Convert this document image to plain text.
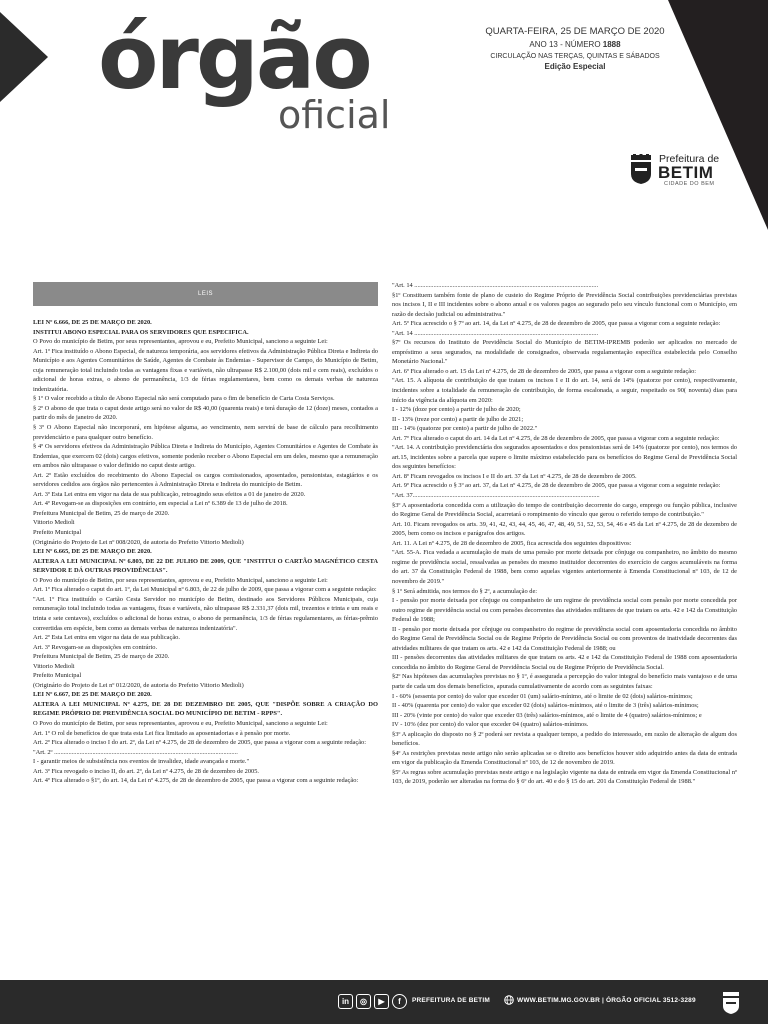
órgão
oficial
QUARTA-FEIRA, 25 DE MARÇO DE 2020
ANO 13 - NÚMERO 1888
CIRCULAÇÃO NAS TERÇAS, QUINTAS E SÁBADOS
Edição Especial
Prefeitura de
BETIM
CIDADE DO BEM
LEIS

LEI Nº 6.666, DE 25 DE MARÇO DE 2020.

INSTITUI ABONO ESPECIAL PARA OS SERVIDORES QUE ESPECIFICA.

O Povo do município de Betim, por seus representantes, aprovou e eu, Prefeito Municipal, sanciono a seguinte Lei:

Art. 1º Fica instituído o Abono Especial, de natureza temporária, aos servidores efetivos da Administração Pública Direta e Indireta do Município e aos Agentes Comunitários de Saúde, Agentes de Combate às Endemias - Supervisor de Campo, do Município de Betim, cuja remuneração total incluindo todas as vantagens fixas e variáveis, não ultrapasse R$ 2.100,00 (dois mil e cem reais), excluídos o adicional de horas extras, o abono de permanência, 1/3 de férias regulamentares, bem como os demais verbas de natureza indenizatória.

§ 1º O valor recebido a título de Abono Especial não será computado para o fim de benefício de Carta Costa Serviços.

§ 2º O abono de que trata o caput deste artigo será no valor de R$ 40,00 (quarenta reais) e terá duração de 12 (doze) meses, contados a partir do mês de janeiro de 2020.

§ 3º O Abono Especial não incorporará, em hipótese alguma, ao vencimento, nem servirá de base de cálculo para recolhimento previdenciário e para qualquer outro benefício.

§ 4º Os servidores efetivos da Administração Pública Direta e Indireta do Município, Agentes Comunitários e Agentes de Combate às Endemias, que exercem 02 (dois) cargos efetivos, somente poderão receber o Abono Especial em um deles, mesmo que a remuneração em ambos não ultrapasse o valor definido no caput deste artigo.

Art. 2º Estão excluídos do recebimento do Abono Especial os cargos comissionados, aposentados, pensionistas, estagiários e os servidores cedidos aos órgãos não pertencentes à Administração Direta e Indireta do município de Betim.

Art. 3º Esta Lei entra em vigor na data de sua publicação, retroagindo seus efeitos a 01 de janeiro de 2020.

Art. 4º Revogam-se as disposições em contrário, em especial a Lei nº 6.389 de 13 de julho de 2018.

Prefeitura Municipal de Betim, 25 de março de 2020.

Vittorio Medioli

Prefeito Municipal

(Originário do Projeto de Lei nº 008/2020, de autoria do Prefeito Vittorio Medioli)

LEI Nº 6.665, DE 25 DE MARÇO DE 2020.

ALTERA A LEI MUNICIPAL Nº 6.803, DE 22 DE JULHO DE 2009, QUE "INSTITUI O CARTÃO MAGNÉTICO CESTA SERVIDOR E DÁ OUTRAS PROVIDÊNCIAS".

O Povo do município de Betim, por seus representantes, aprovou e eu, Prefeito Municipal, sanciono a seguinte Lei:

Art. 1º Fica alterado o caput do art. 1º, da Lei Municipal nº 6.803, de 22 de julho de 2009, que passa a vigorar com a seguinte redação:

"Art. 1º Fica instituído o Cartão Cesta Servidor no município de Betim, destinado aos Servidores Públicos Municipais, cuja remuneração total incluindo todas as vantagens, fixas e variáveis, não ultrapasse R$ 2.331,37 (dois mil, trezentos e trinta e um reais e trinta e sete centavos), excluídos o adicional de horas extras, o abono de permanência, 1/3 de férias regulamentares, as férias-prêmio convertidas em espécie, bem como as demais verbas de natureza indenizatória".

Art. 2º Esta Lei entra em vigor na data de sua publicação.

Art. 3º Revogam-se as disposições em contrário.

Prefeitura Municipal de Betim, 25 de março de 2020.

Vittorio Medioli

Prefeito Municipal

(Originário do Projeto de Lei nº 012/2020, de autoria do Prefeito Vittorio Medioli)

LEI Nº 6.667, DE 25 DE MARÇO DE 2020.

ALTERA A LEI MUNICIPAL Nº 4.275, DE 28 DE DEZEMBRO DE 2005, QUE "DISPÕE SOBRE A CRIAÇÃO DO REGIME PRÓPRIO DE PREVIDÊNCIA SOCIAL DO MUNICÍPIO DE BETIM - RPPS".

O Povo do município de Betim, por seus representantes, aprovou e eu, Prefeito Municipal, sanciono a seguinte Lei:

Art. 1º O rol de benefícios de que trata esta Lei fica limitado as aposentadorias e à pensão por morte.

Art. 2º Fica alterado o inciso I do art. 2º, da Lei nº 4.275, de 28 de dezembro de 2005, que passa a vigorar com a seguinte redação:

"Art. 2º ...................................................................................................................

I - garantir meios de subsistência nos eventos de invalidez, idade avançada e morte."

Art. 3º Fica revogado o inciso II, do art. 2º, da Lei nº 4.275, de 28 de dezembro de 2005.

Art. 4º Fica alterado o §1º, do art. 14, da Lei nº 4.275, de 28 de dezembro de 2005, que passa a vigorar com a seguinte redação:

"Art. 14 ...................................................................................................................

§1º Constituem também fonte de plano de custeio do Regime Próprio de Previdência Social contribuições previdenciárias previstas nos incisos I, II e III incidentes sobre o abono anual e os valores pagos ao segurado pelo seu vínculo funcional com o Município, em razão de decisão judicial ou administrativa."

Art. 5º Fica acrescido o § 7º ao art. 14, da Lei nº 4.275, de 28 de dezembro de 2005, que passa a vigorar com a seguinte redação:

"Art. 14 ...................................................................................................................

§7º Os recursos do Instituto de Previdência Social do Município de BETIM-IPREMB poderão ser aplicados no mercado de empréstimo a seus segurados, na modalidade de consignados, observada regulamentação específica estabelecida pelo Conselho Monetário Nacional."

Art. 6º Fica alterado o art. 15 da Lei nº 4.275, de 28 de dezembro de 2005, que passa a vigorar com a seguinte redação:

"Art. 15. A alíquota de contribuição de que tratam os incisos I e II do art. 14, será de 14% (quatorze por cento), respectivamente, incidentes sobre a totalidade da remuneração de contribuição, de forma escalonada, a seguir, respeitado os 90( noventa) dias para início da vigência da alíquota em 2020:

I - 12% (doze por cento) a partir de julho de 2020;

II - 13% (treze por cento) a partir de julho de 2021;

III - 14% (quatorze por cento) a partir de julho de 2022."

Art. 7º Fica alterado o caput do art. 14 da Lei nº 4.275, de 28 de dezembro de 2005, que passa a vigorar com a seguinte redação:

"Art. 14. A contribuição previdenciária dos segurados aposentados e dos pensionistas será de 14% (quatorze por cento), nos termos do art.15, incidentes sobre a parcela que supere o limite máximo estabelecido para os benefícios do Regime Geral de Previdência Social dos seguintes benefícios:

Art. 8º Ficam revogados os incisos I e II do art. 37 da Lei nº 4.275, de 28 de dezembro de 2005.

Art. 9º Fica acrescido o § 3º ao art. 37, da Lei nº 4.275, de 28 de dezembro de 2005, que passa a vigorar com a seguinte redação:

"Art. 37.....................................................................................................................

§3º A aposentadoria concedida com a utilização do tempo de contribuição decorrente do cargo, emprego ou função pública, inclusive do Regime Geral de Previdência Social, acarretará o rompimento do vínculo que gerou o referido tempo de contribuição."

Art. 10. Ficam revogados os arts. 39, 41, 42, 43, 44, 45, 46, 47, 48, 49, 51, 52, 53, 54, 46 e 45 da Lei nº 4.275, de 28 de dezembro de 2005, bem como os incisos e parágrafos dos artigos.

Art. 11. A Lei nº 4.275, de 28 de dezembro de 2005, fica acrescida dos seguintes dispositivos:

"Art. 55-A. Fica vedada a acumulação de mais de uma pensão por morte deixada por cônjuge ou companheiro, no âmbito do mesmo regime de previdência social, ressalvadas as pensões do mesmo instituidor decorrentes do exercício de cargos acumuláveis na forma do art. 37 da Constituição Federal de 1988, bem como aquelas vigentes anteriormente à Emenda Constitucional nº 103, de 12 de novembro de 2019."

§ 1º Será admitida, nos termos do § 2º, a acumulação de:

I - pensão por morte deixada por cônjuge ou companheiro de um regime de previdência social com pensão por morte concedida por outro regime de previdência social ou com pensões decorrentes das atividades militares de que tratam os arts. 42 e 142 da Constituição Federal de 1988;

II - pensão por morte deixada por cônjuge ou companheiro do regime de previdência social com aposentadoria concedida no âmbito do Regime Geral de Previdência Social ou de Regime Próprio de Previdência Social ou com proventos de inatividade decorrentes das atividades militares de que tratam os arts. 42 e 142 da Constituição Federal de 1988; ou

III - pensões decorrentes das atividades militares de que tratam os arts. 42 e 142 da Constituição Federal de 1988 com aposentadoria concedida no âmbito do Regime Geral de Previdência Social ou de Regime Próprio de Previdência Social.

§2º Nas hipóteses das acumulações previstas no § 1º, é assegurada a percepção do valor integral do benefício mais vantajoso e de uma parte de cada um dos demais benefícios, apurada cumulativamente de acordo com as seguintes faixas:

I - 60% (sessenta por cento) do valor que exceder 01 (um) salário-mínimo, até o limite de 02 (dois) salários-mínimos;

II - 40% (quarenta por cento) do valor que exceder 02 (dois) salários-mínimos, até o limite de 3 (três) salários-mínimos;

III - 20% (vinte por cento) do valor que exceder 03 (três) salários-mínimos, até o limite de 4 (quatro) salários-mínimos; e

IV - 10% (dez por cento) do valor que exceder 04 (quatro) salários-mínimos.

§3º A aplicação do disposto no § 2º poderá ser revista a qualquer tempo, a pedido do interessado, em razão de alteração de algum dos benefícios.

§4º As restrições previstas neste artigo não serão aplicadas se o direito aos benefícios houver sido adquirido antes da data de entrada em vigor da publicação da Emenda Constitucional nº 103, de 12 de novembro de 2019.

§5º As regras sobre acumulação previstas neste artigo e na legislação vigente na data de entrada em vigor da Emenda Constitucional nº 103, de 2019, poderão ser alteradas na forma do § 6º do art. 40 e do § 15 do art. 201 da Constituição Federal de 1988."

in	◎	▶	f	PREFEITURA DE BETIM	WWW.BETIM.MG.GOV.BR | ÓRGÃO OFICIAL 3512-3289
